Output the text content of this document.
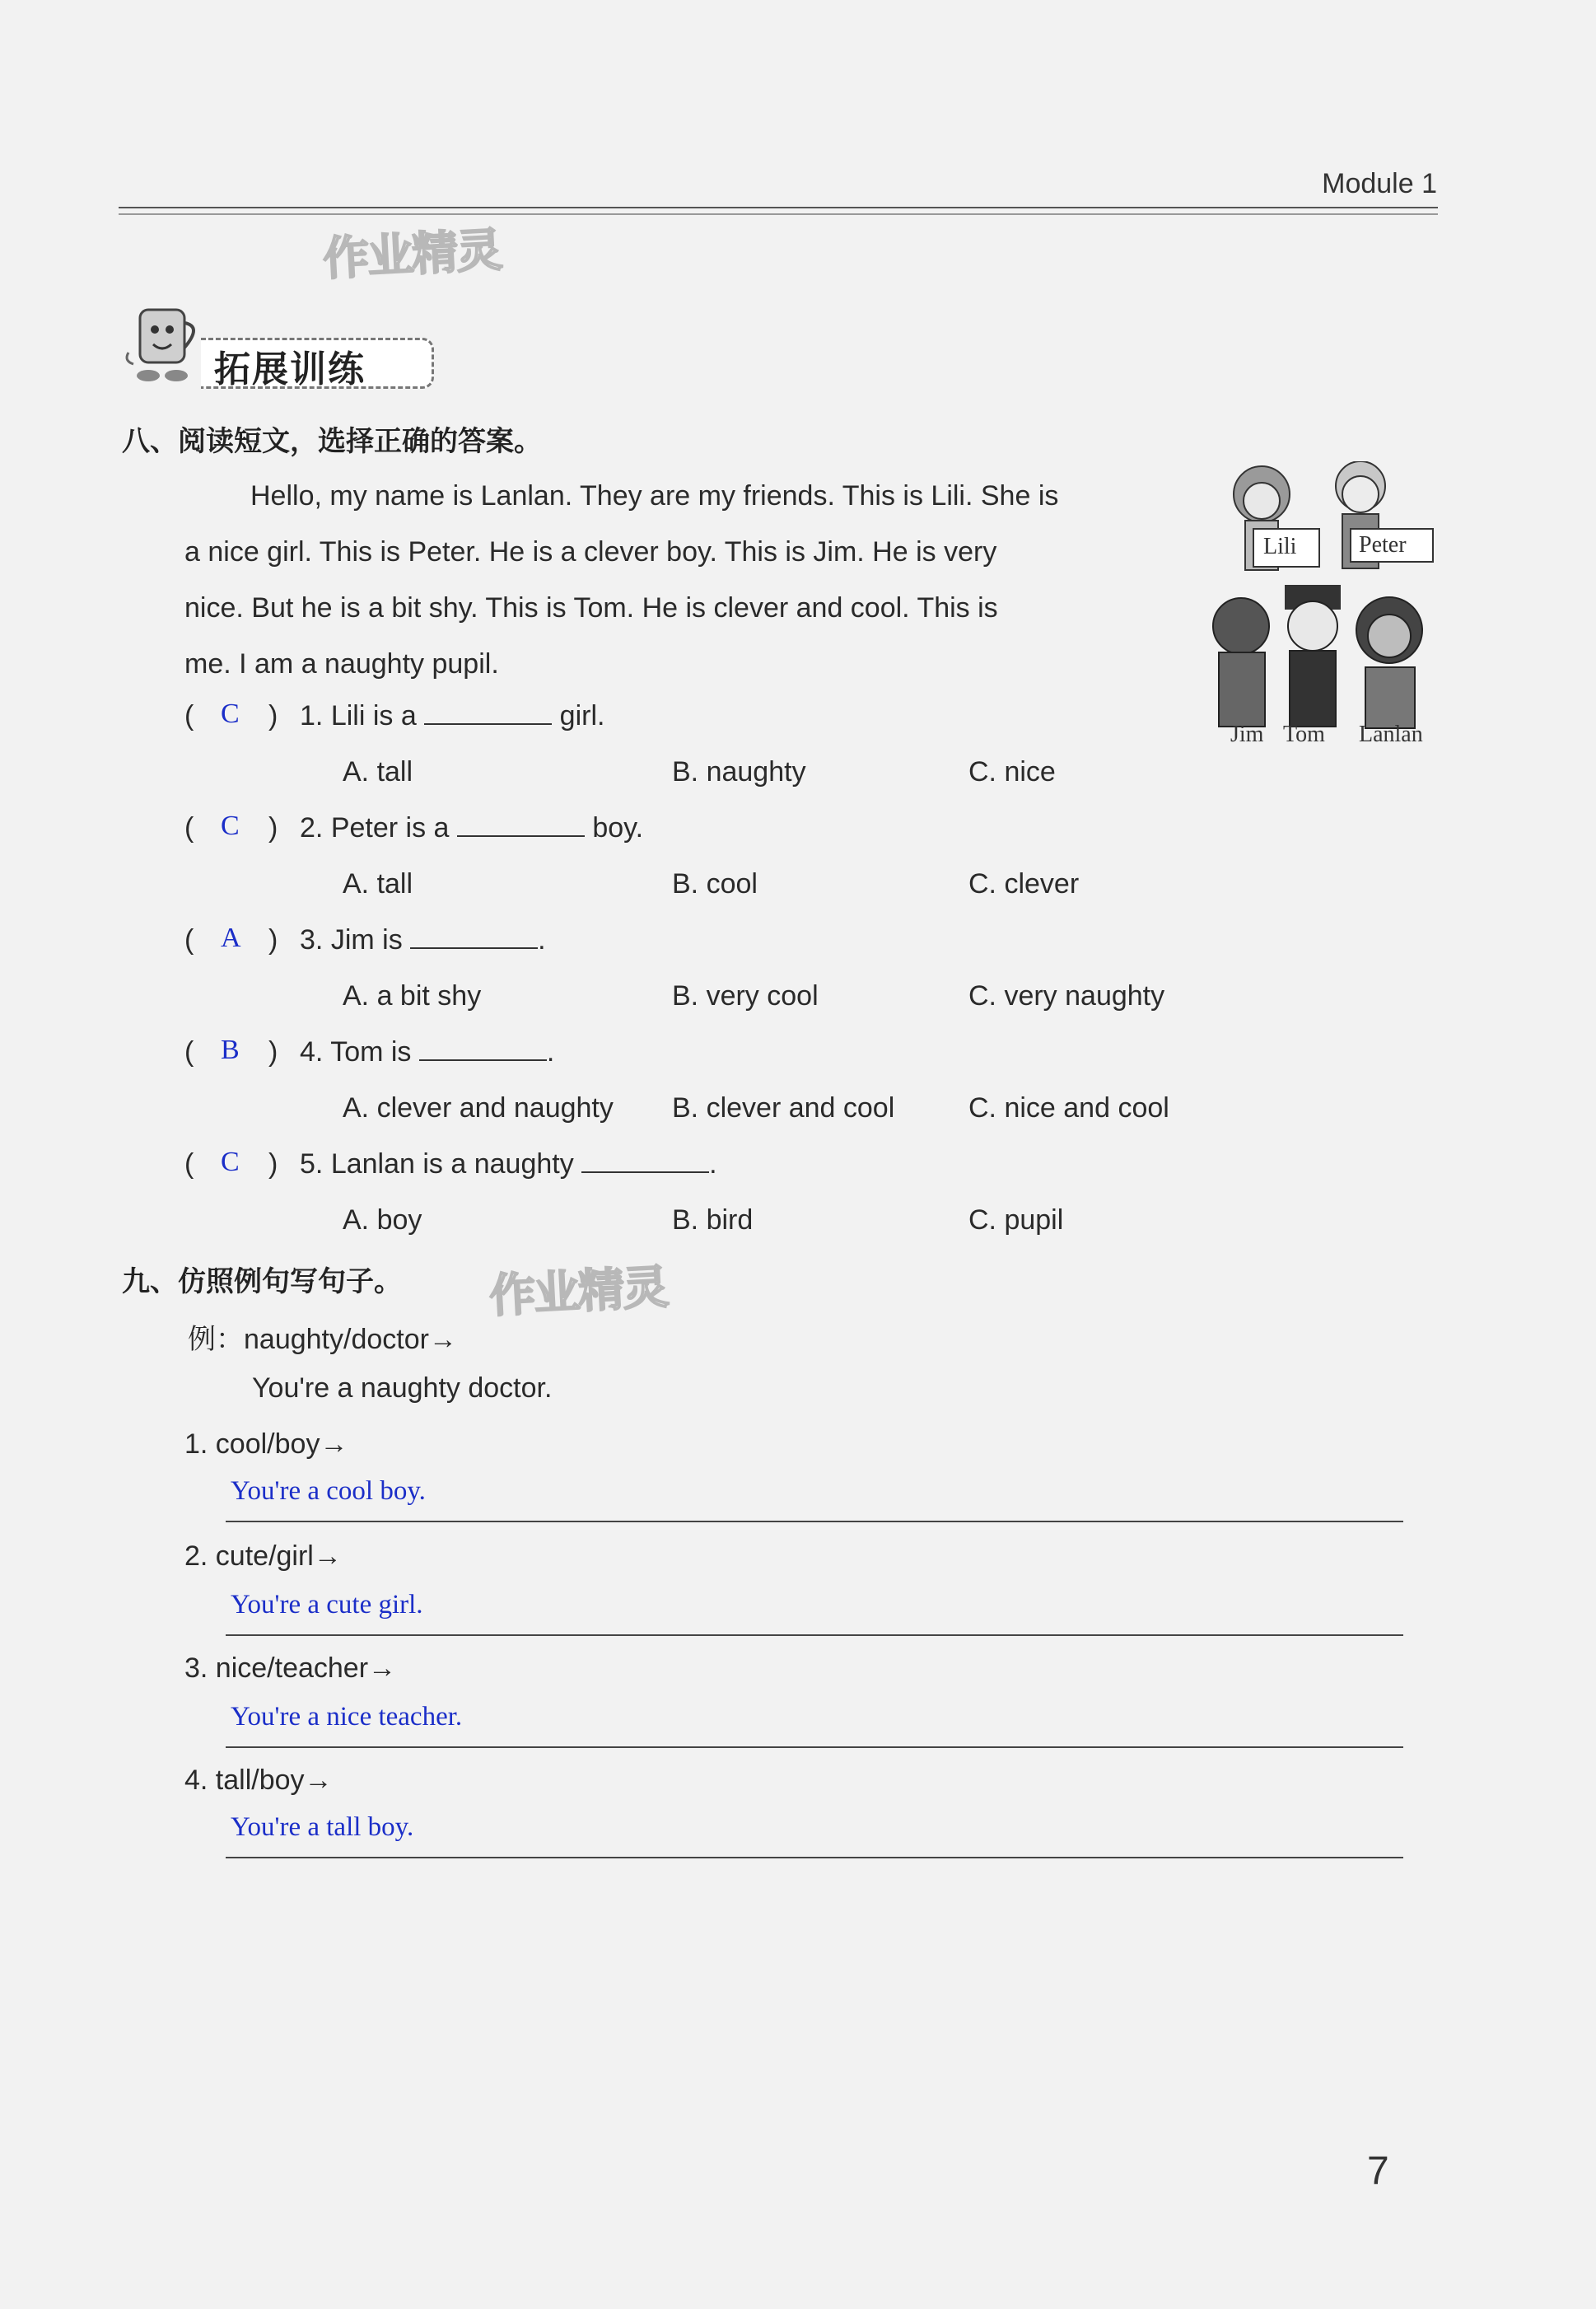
Module 1
作业精灵
拓展训练
八、阅读短文，选择正确的答案。
Hello, my name is Lanlan. They are my friends. This is Lili. She is
a nice girl. This is Peter. He is a clever boy. This is Jim. He is very
nice. But he is a bit shy. This is Tom. He is clever and cool. This is
me. I am a naughty pupil.
Lili	Peter
Jim Tom Lanlan
( C ) 1. Lili is a	girl.
A. tall	B. naughty	C. nice
( C ) 2. Peter is a	boy.
A. tall	B. cool	C. clever
( A ) 3. Jim is	.
A. a bit shy	B. very cool	C. very naughty
( B ) 4. Tom is	.
A. clever and naughty B. clever and cool	C. nice and cool
( C ) 5. Lanlan is a naughty	.
A. boy	B. bird	C. pupil
九、仿照例句写句子。 作业精灵
例：naughty/doctor→
You're a naughty doctor.
1. cool/boy→
You're a cool boy.
2. cute/girl→
You're a cute girl.
3. nice/teacher→
You're a nice teacher.
4. tall/boy→
You're a tall boy.
7
